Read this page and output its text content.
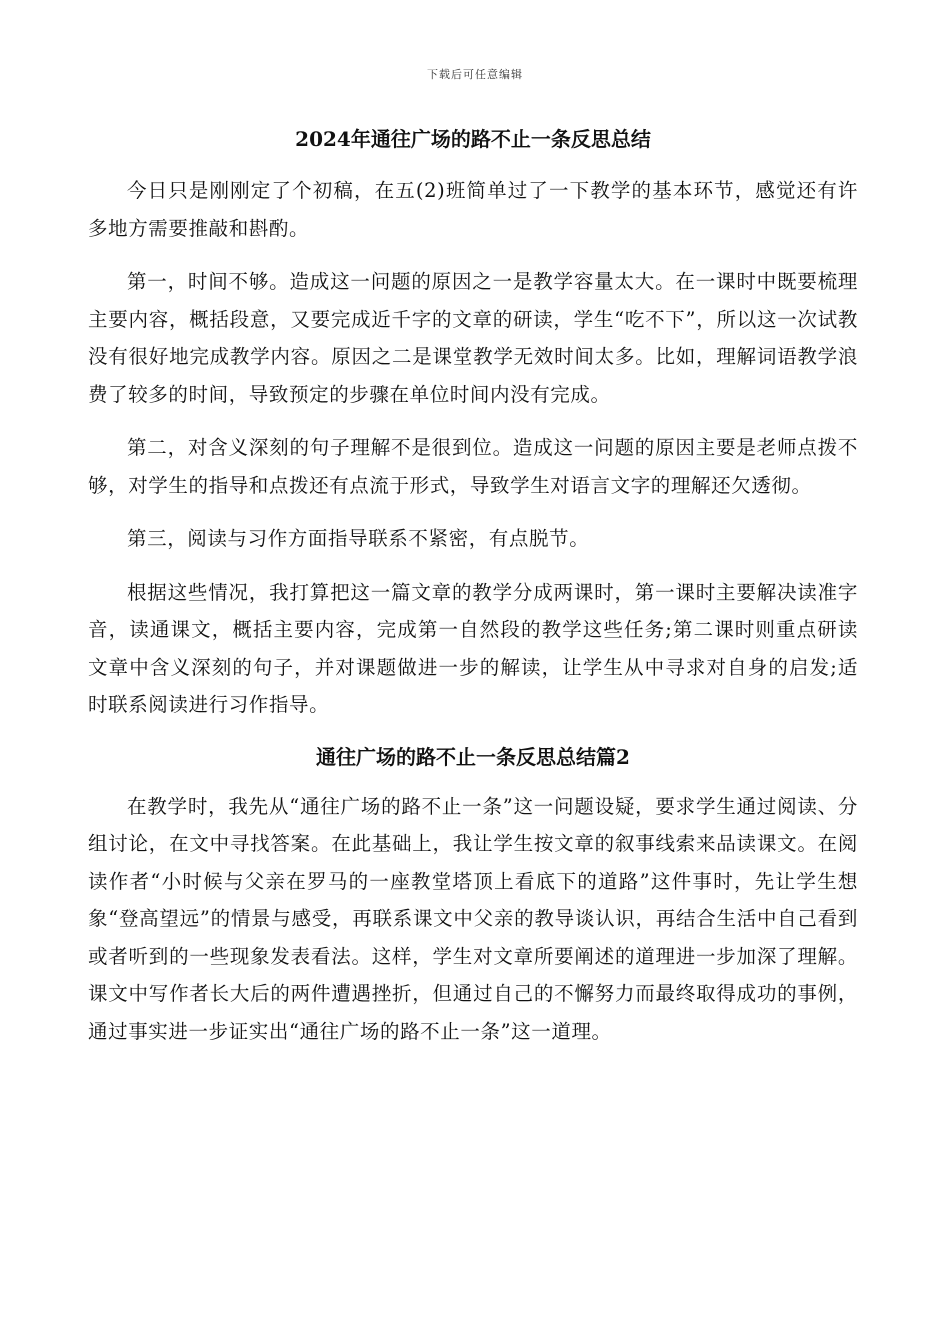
下载后可任意编辑
2024年通往广场的路不止一条反思总结

今日只是刚刚定了个初稿，在五(2)班简单过了一下教学的基本环节，感觉还有许多地方需要推敲和斟酌。

第一，时间不够。造成这一问题的原因之一是教学容量太大。在一课时中既要梳理主要内容，概括段意，又要完成近千字的文章的研读，学生“吃不下”，所以这一次试教没有很好地完成教学内容。原因之二是课堂教学无效时间太多。比如，理解词语教学浪费了较多的时间，导致预定的步骤在单位时间内没有完成。

第二，对含义深刻的句子理解不是很到位。造成这一问题的原因主要是老师点拨不够，对学生的指导和点拨还有点流于形式，导致学生对语言文字的理解还欠透彻。

第三，阅读与习作方面指导联系不紧密，有点脱节。

根据这些情况，我打算把这一篇文章的教学分成两课时，第一课时主要解决读准字音，读通课文，概括主要内容，完成第一自然段的教学这些任务;第二课时则重点研读文章中含义深刻的句子，并对课题做进一步的解读，让学生从中寻求对自身的启发;适时联系阅读进行习作指导。

通往广场的路不止一条反思总结篇2

在教学时，我先从“通往广场的路不止一条”这一问题设疑，要求学生通过阅读、分组讨论，在文中寻找答案。在此基础上，我让学生按文章的叙事线索来品读课文。在阅读作者“小时候与父亲在罗马的一座教堂塔顶上看底下的道路”这件事时，先让学生想象“登高望远”的情景与感受，再联系课文中父亲的教导谈认识，再结合生活中自己看到或者听到的一些现象发表看法。这样，学生对文章所要阐述的道理进一步加深了理解。课文中写作者长大后的两件遭遇挫折，但通过自己的不懈努力而最终取得成功的事例，通过事实进一步证实出“通往广场的路不止一条”这一道理。
